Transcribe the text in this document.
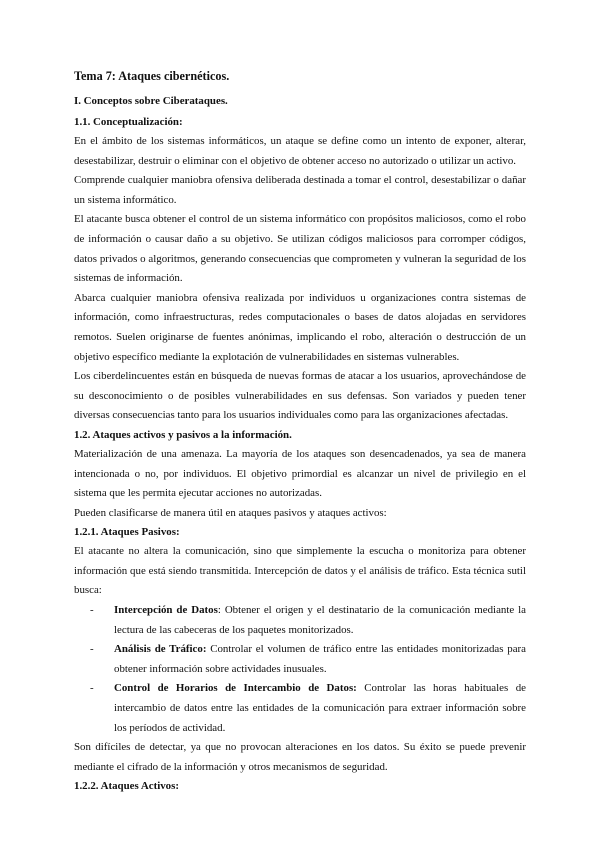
Tema 7: Ataques cibernéticos.
I. Conceptos sobre Ciberataques.
1.1. Conceptualización:

En el ámbito de los sistemas informáticos, un ataque se define como un intento de exponer, alterar, desestabilizar, destruir o eliminar con el objetivo de obtener acceso no autorizado o utilizar un activo.

Comprende cualquier maniobra ofensiva deliberada destinada a tomar el control, desestabilizar o dañar un sistema informático.

El atacante busca obtener el control de un sistema informático con propósitos maliciosos, como el robo de información o causar daño a su objetivo. Se utilizan códigos maliciosos para corromper códigos, datos privados o algoritmos, generando consecuencias que comprometen y vulneran la seguridad de los sistemas de información.

Abarca cualquier maniobra ofensiva realizada por individuos u organizaciones contra sistemas de información, como infraestructuras, redes computacionales o bases de datos alojadas en servidores remotos. Suelen originarse de fuentes anónimas, implicando el robo, alteración o destrucción de un objetivo específico mediante la explotación de vulnerabilidades en sistemas vulnerables.

Los ciberdelincuentes están en búsqueda de nuevas formas de atacar a los usuarios, aprovechándose de su desconocimiento o de posibles vulnerabilidades en sus defensas. Son variados y pueden tener diversas consecuencias tanto para los usuarios individuales como para las organizaciones afectadas.

1.2. Ataques activos y pasivos a la información.

Materialización de una amenaza. La mayoría de los ataques son desencadenados, ya sea de manera intencionada o no, por individuos. El objetivo primordial es alcanzar un nivel de privilegio en el sistema que les permita ejecutar acciones no autorizadas.

Pueden clasificarse de manera útil en ataques pasivos y ataques activos:

1.2.1. Ataques Pasivos:

El atacante no altera la comunicación, sino que simplemente la escucha o monitoriza para obtener información que está siendo transmitida. Intercepción de datos y el análisis de tráfico. Esta técnica sutil busca:

- Intercepción de Datos: Obtener el origen y el destinatario de la comunicación mediante la lectura de las cabeceras de los paquetes monitorizados.
- Análisis de Tráfico: Controlar el volumen de tráfico entre las entidades monitorizadas para obtener información sobre actividades inusuales.
- Control de Horarios de Intercambio de Datos: Controlar las horas habituales de intercambio de datos entre las entidades de la comunicación para extraer información sobre los períodos de actividad.

Son difíciles de detectar, ya que no provocan alteraciones en los datos. Su éxito se puede prevenir mediante el cifrado de la información y otros mecanismos de seguridad.

1.2.2. Ataques Activos:
